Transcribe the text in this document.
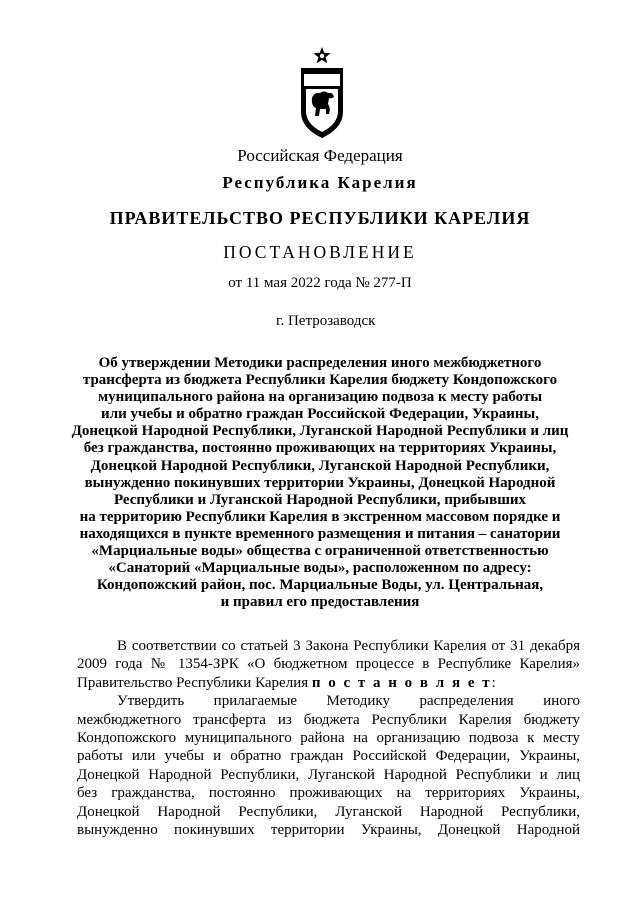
Российская Федерация
Республика Карелия
ПРАВИТЕЛЬСТВО РЕСПУБЛИКИ КАРЕЛИЯ
ПОСТАНОВЛЕНИЕ
от 11 мая 2022 года № 277-П
г. Петрозаводск
Об утверждении Методики распределения иного межбюджетного
трансферта из бюджета Республики Карелия бюджету Кондопожского
муниципального района на организацию подвоза к месту работы
или учебы и обратно граждан Российской Федерации, Украины,
Донецкой Народной Республики, Луганской Народной Республики и лиц
без гражданства, постоянно проживающих на территориях Украины,
Донецкой Народной Республики, Луганской Народной Республики,
вынужденно покинувших территории Украины, Донецкой Народной
Республики и Луганской Народной Республики, прибывших
на территорию Республики Карелия в экстренном массовом порядке и
находящихся в пункте временного размещения и питания – санатории
«Марциальные воды» общества с ограниченной ответственностью
«Санаторий «Марциальные воды», расположенном по адресу:
Кондопожский район, пос. Марциальные Воды, ул. Центральная,
и правил его предоставления
В соответствии со статьей 3 Закона Республики Карелия от 31 декабря
2009 года № 1354-ЗРК «О бюджетном процессе в Республике Карелия»
Правительство Республики Карелия п о с т а н о в л я е т:
Утвердить прилагаемые Методику распределения иного
межбюджетного трансферта из бюджета Республики Карелия бюджету
Кондопожского муниципального района на организацию подвоза к месту
работы или учебы и обратно граждан Российской Федерации, Украины,
Донецкой Народной Республики, Луганской Народной Республики и лиц
без гражданства, постоянно проживающих на территориях Украины,
Донецкой Народной Республики, Луганской Народной Республики,
вынужденно покинувших территории Украины, Донецкой Народной
